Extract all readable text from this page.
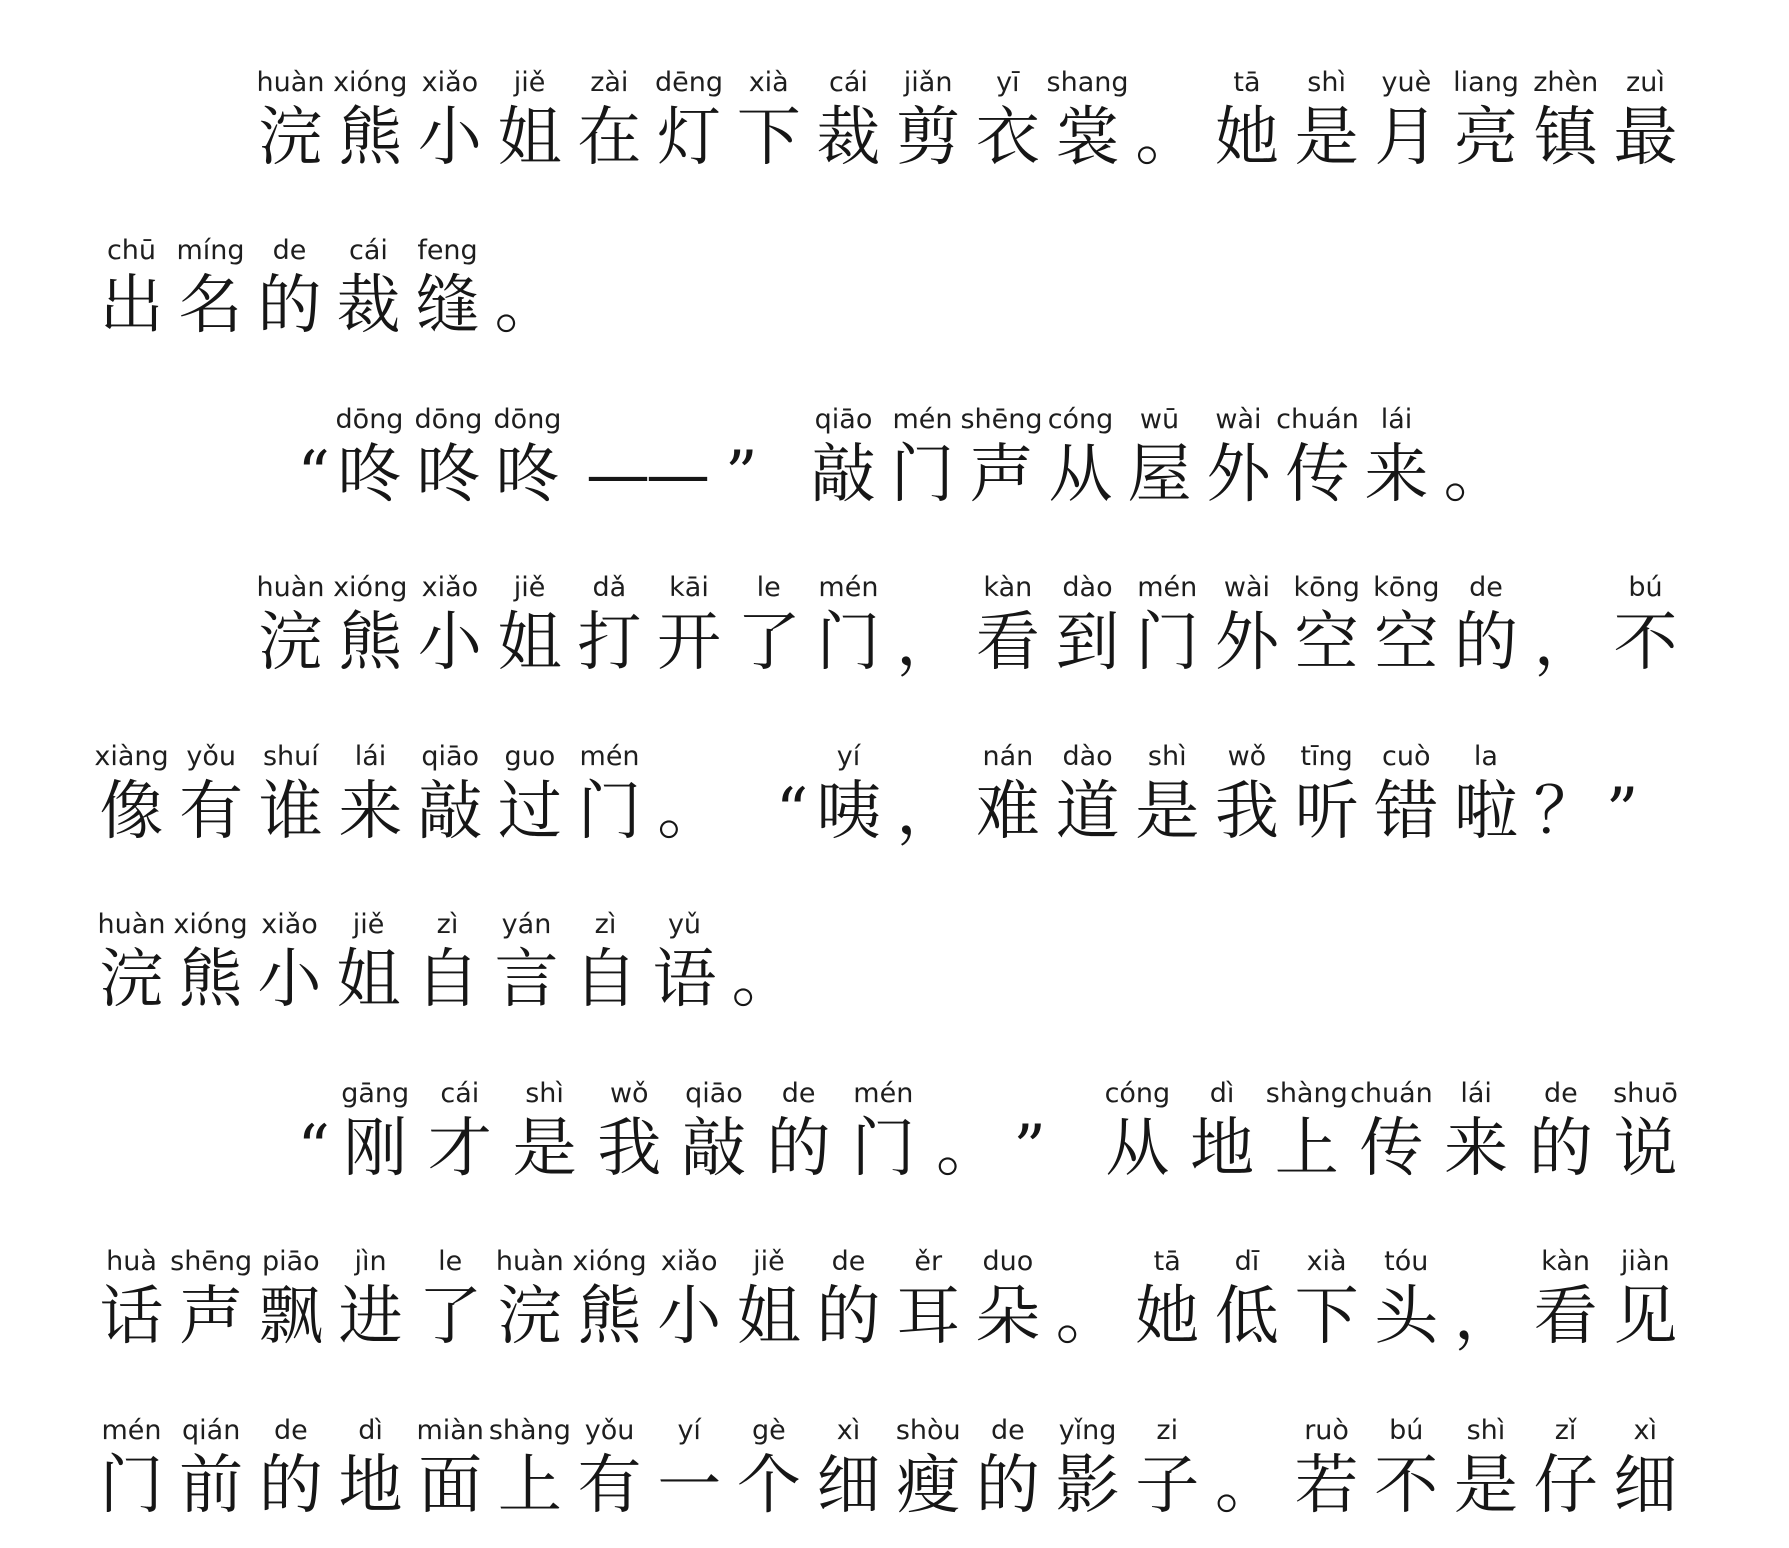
huàn
浣
xióng
熊
xiǎo
小
jiě
姐
zài
在
dēng
灯
xià
下
cái
裁
jiǎn
剪
yī
衣
shang
裳 。
tā
她
shì
是
yuè
月
liang
亮
zhèn
镇
zuì
最
chū
出
míng
名
de
的
cái
裁
feng
缝 。
“
dōng
咚
dōng
咚
dōng
咚 —— ”
qiāo
敲
mén
门
shēng
声
cóng
从
wū
屋
wài
外
chuán
传
lái
来 。
huàn
浣
xióng
熊
xiǎo
小
jiě
姐
dǎ
打
kāi
开
le
了
mén
门 ，
kàn
看
dào
到
mén
门
wài
外
kōng
空
kōng
空
de
的 ，
bú
不
xiàng
像
yǒu
有
shuí
谁
lái
来
qiāo
敲
guo
过
mén
门 。 “
yí
咦 ，
nán
难
dào
道
shì
是
wǒ
我
tīng
听
cuò
错
la
啦 ？ ”
huàn
浣
xióng
熊
xiǎo
小
jiě
姐
zì
自
yán
言
zì
自
yǔ
语 。
“
gāng
刚
cái
才
shì
是
wǒ
我
qiāo
敲
de
的
mén
门 。 ”
cóng
从
dì
地
shàng
上
chuán
传
lái
来
de
的
shuō
说
huà
话
shēng
声
piāo
飘
jìn
进
le
了
huàn
浣
xióng
熊
xiǎo
小
jiě
姐
de
的
ěr
耳
duo
朵 。
tā
她
dī
低
xià
下
tóu
头 ，
kàn
看
jiàn
见
mén
门
qián
前
de
的
dì
地
miàn
面
shàng
上
yǒu
有
yí
一
gè
个
xì
细
shòu
瘦
de
的
yǐng
影
zi
子 。
ruò
若
bú
不
shì
是
zǐ
仔
xì
细
